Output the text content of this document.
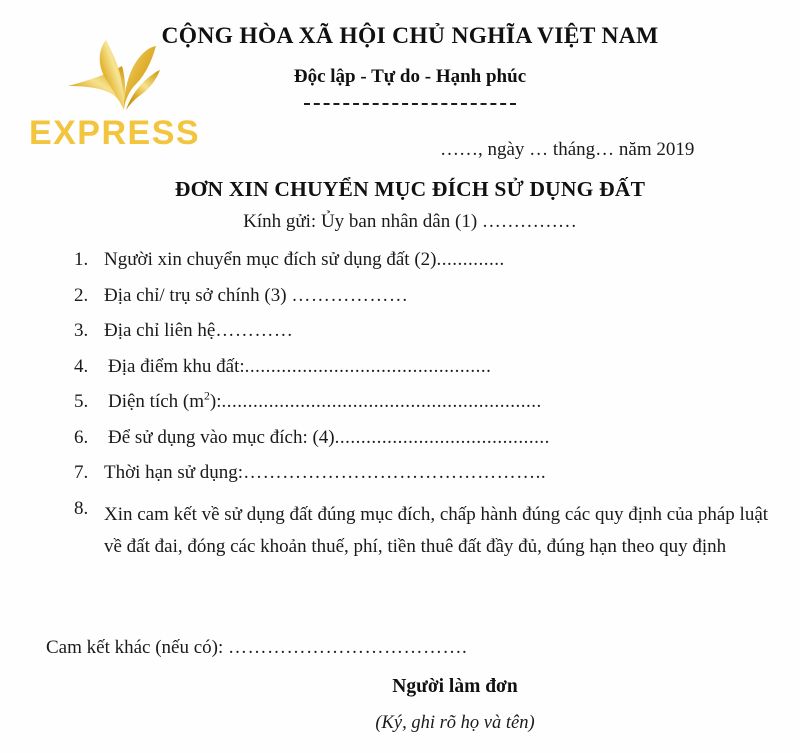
EXPRESS
CỘNG HÒA XÃ HỘI CHỦ NGHĨA VIỆT NAM
Độc lập - Tự do - Hạnh phúc
……, ngày … tháng… năm 2019
ĐƠN XIN CHUYỂN MỤC ĐÍCH SỬ DỤNG ĐẤT
Kính gửi: Ủy ban nhân dân (1) ……………
1. Người xin chuyển mục đích sử dụng đất (2).............
2. Địa chỉ/ trụ sở chính (3) ………………
3. Địa chỉ liên hệ…………
4.	Địa điểm khu đất:...............................................
5.	Diện tích $(m^2)$:.............................................................
6.	Để sử dụng vào mục đích: (4).........................................
7. Thời hạn sử dụng:………………………………………..
8. Xin cam kết về sử dụng đất đúng mục đích, chấp hành đúng các quy định của pháp luật về đất đai, đóng các khoản thuế, phí, tiền thuê đất đầy đủ, đúng hạn theo quy định
Cam kết khác (nếu có): ……………………………….
Người làm đơn
(Ký, ghi rõ họ và tên)
